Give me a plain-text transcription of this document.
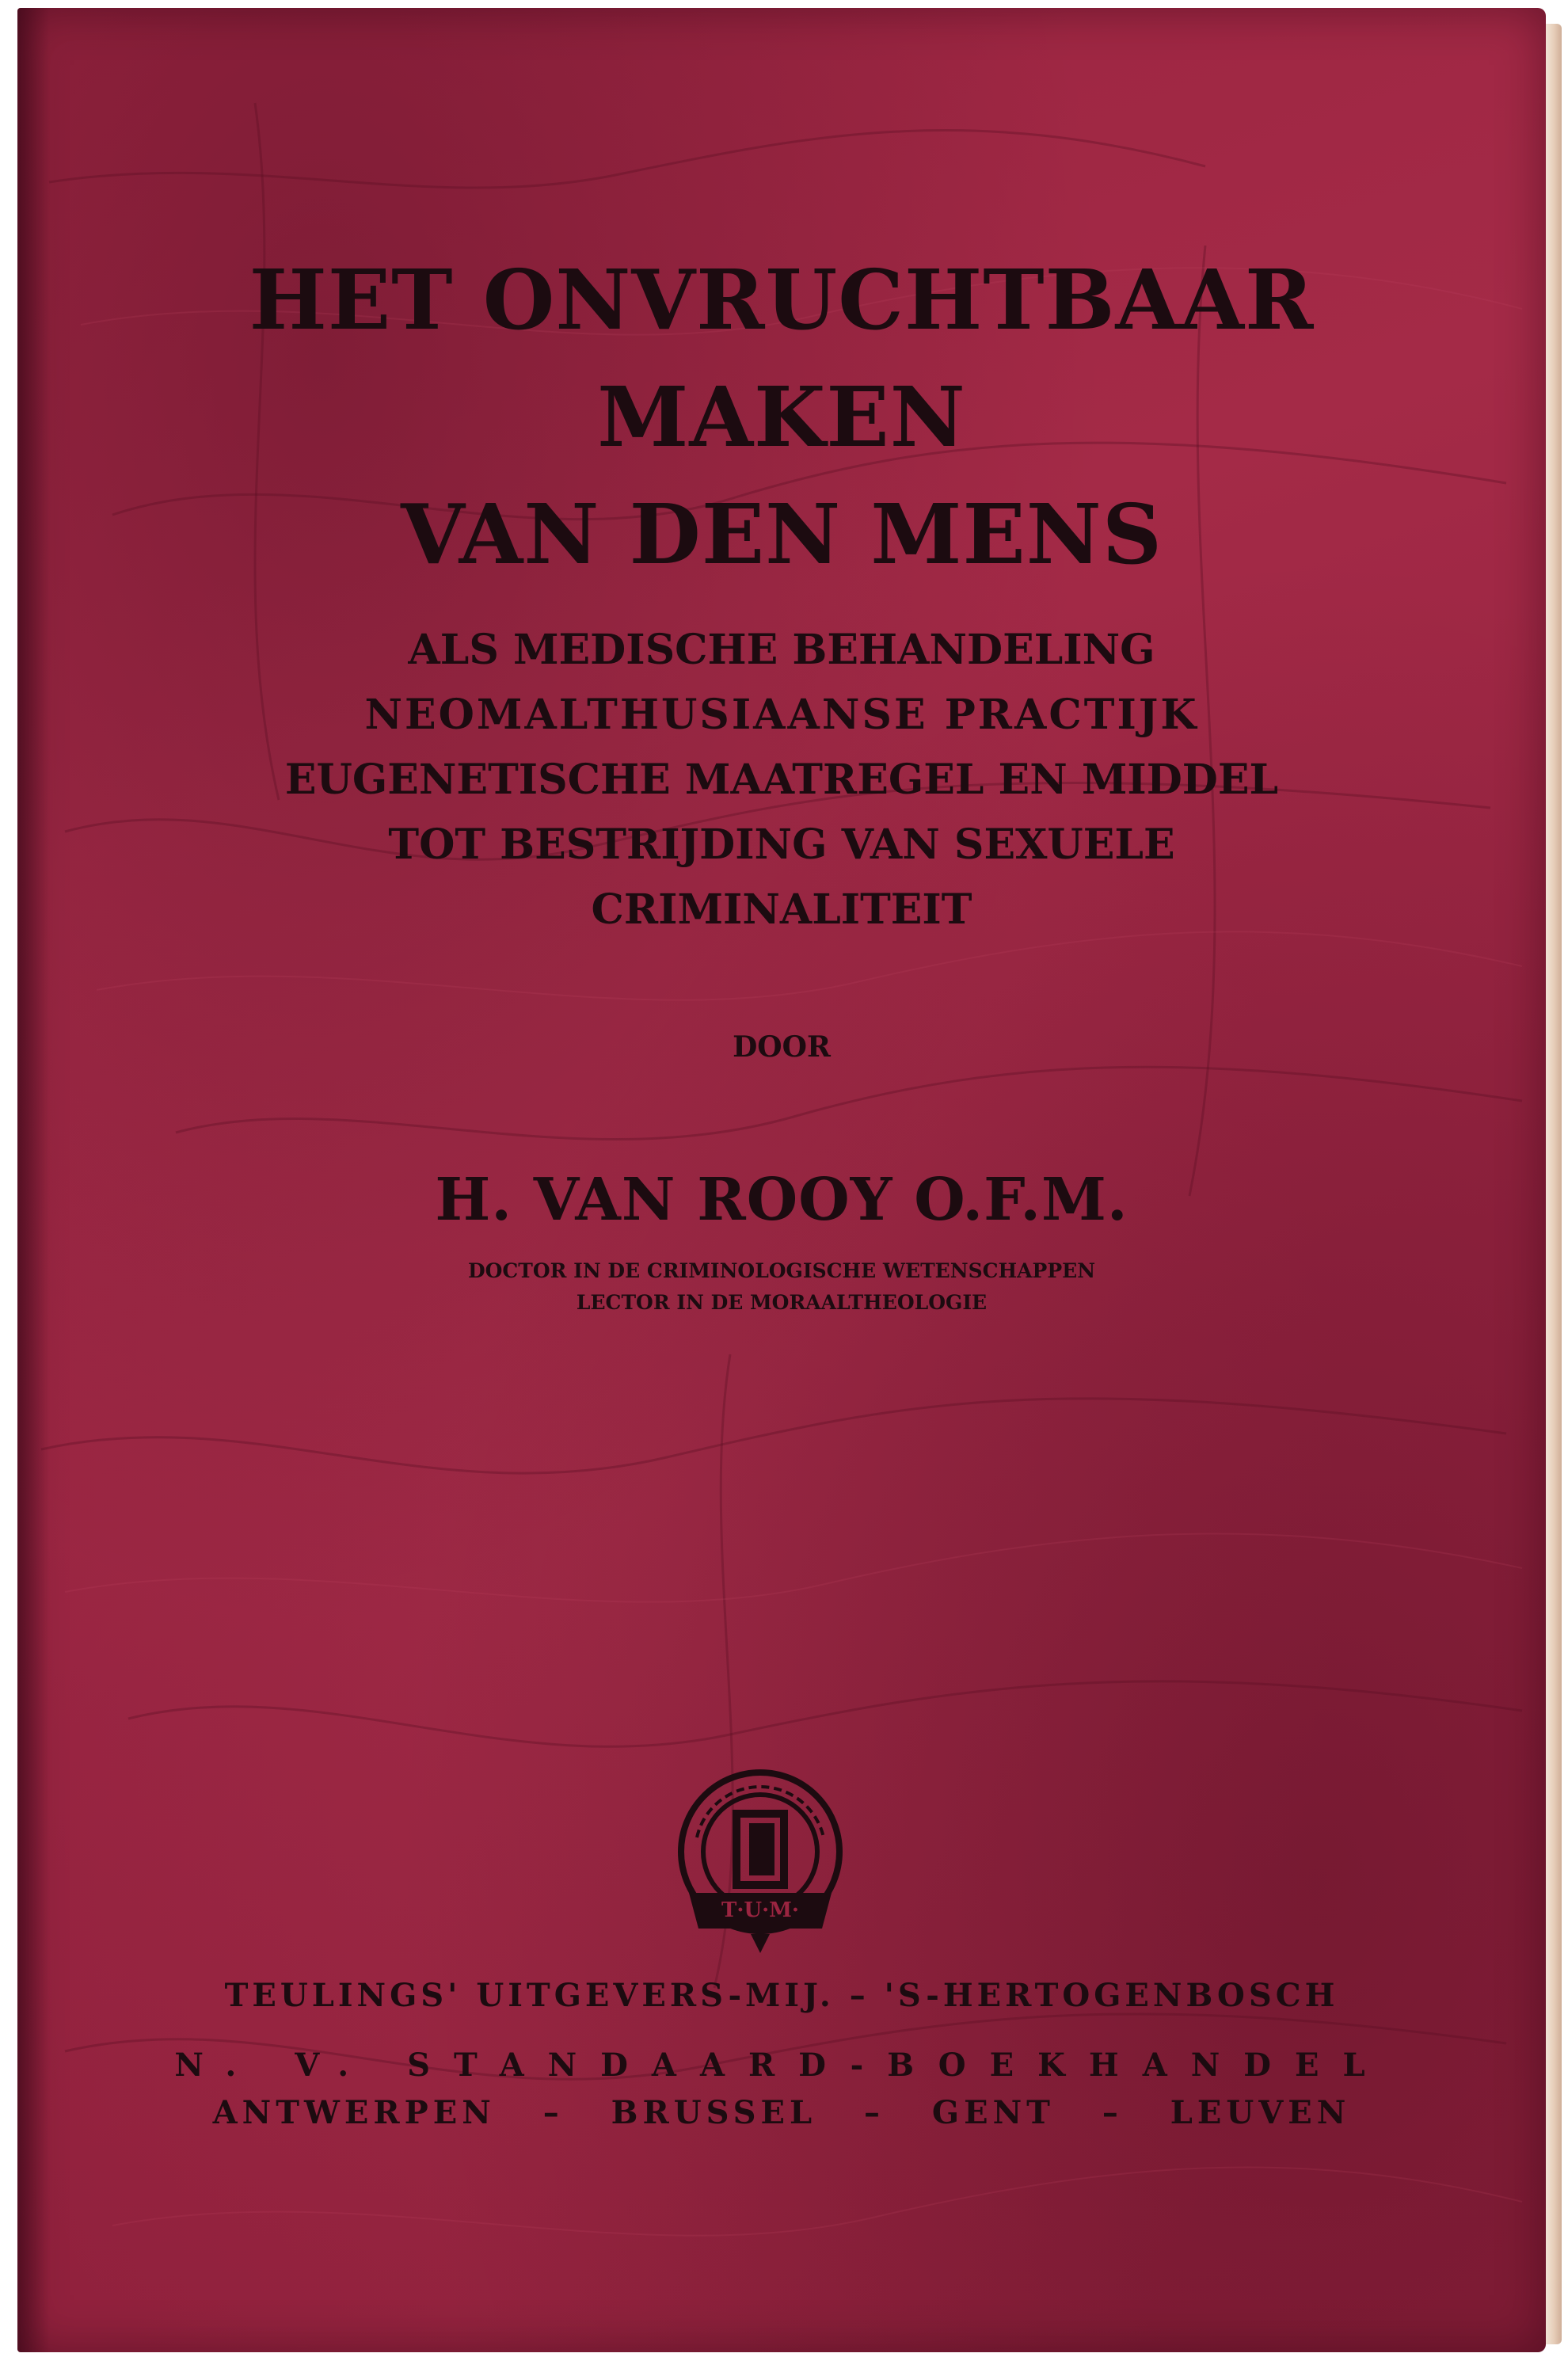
HET ONVRUCHTBAAR
MAKEN
VAN DEN MENS
ALS MEDISCHE BEHANDELING
NEOMALTHUSIAANSE PRACTIJK
EUGENETISCHE MAATREGEL EN MIDDEL
TOT BESTRIJDING VAN SEXUELE
CRIMINALITEIT
DOOR
H. VAN ROOY O.F.M.
DOCTOR IN DE CRIMINOLOGISCHE WETENSCHAPPEN
LECTOR IN DE MORAALTHEOLOGIE
T·U·M·
TEULINGS' UITGEVERS-MIJ. – 'S-HERTOGENBOSCH
N. V. STANDAARD-BOEKHANDEL
ANTWERPEN – BRUSSEL – GENT – LEUVEN
